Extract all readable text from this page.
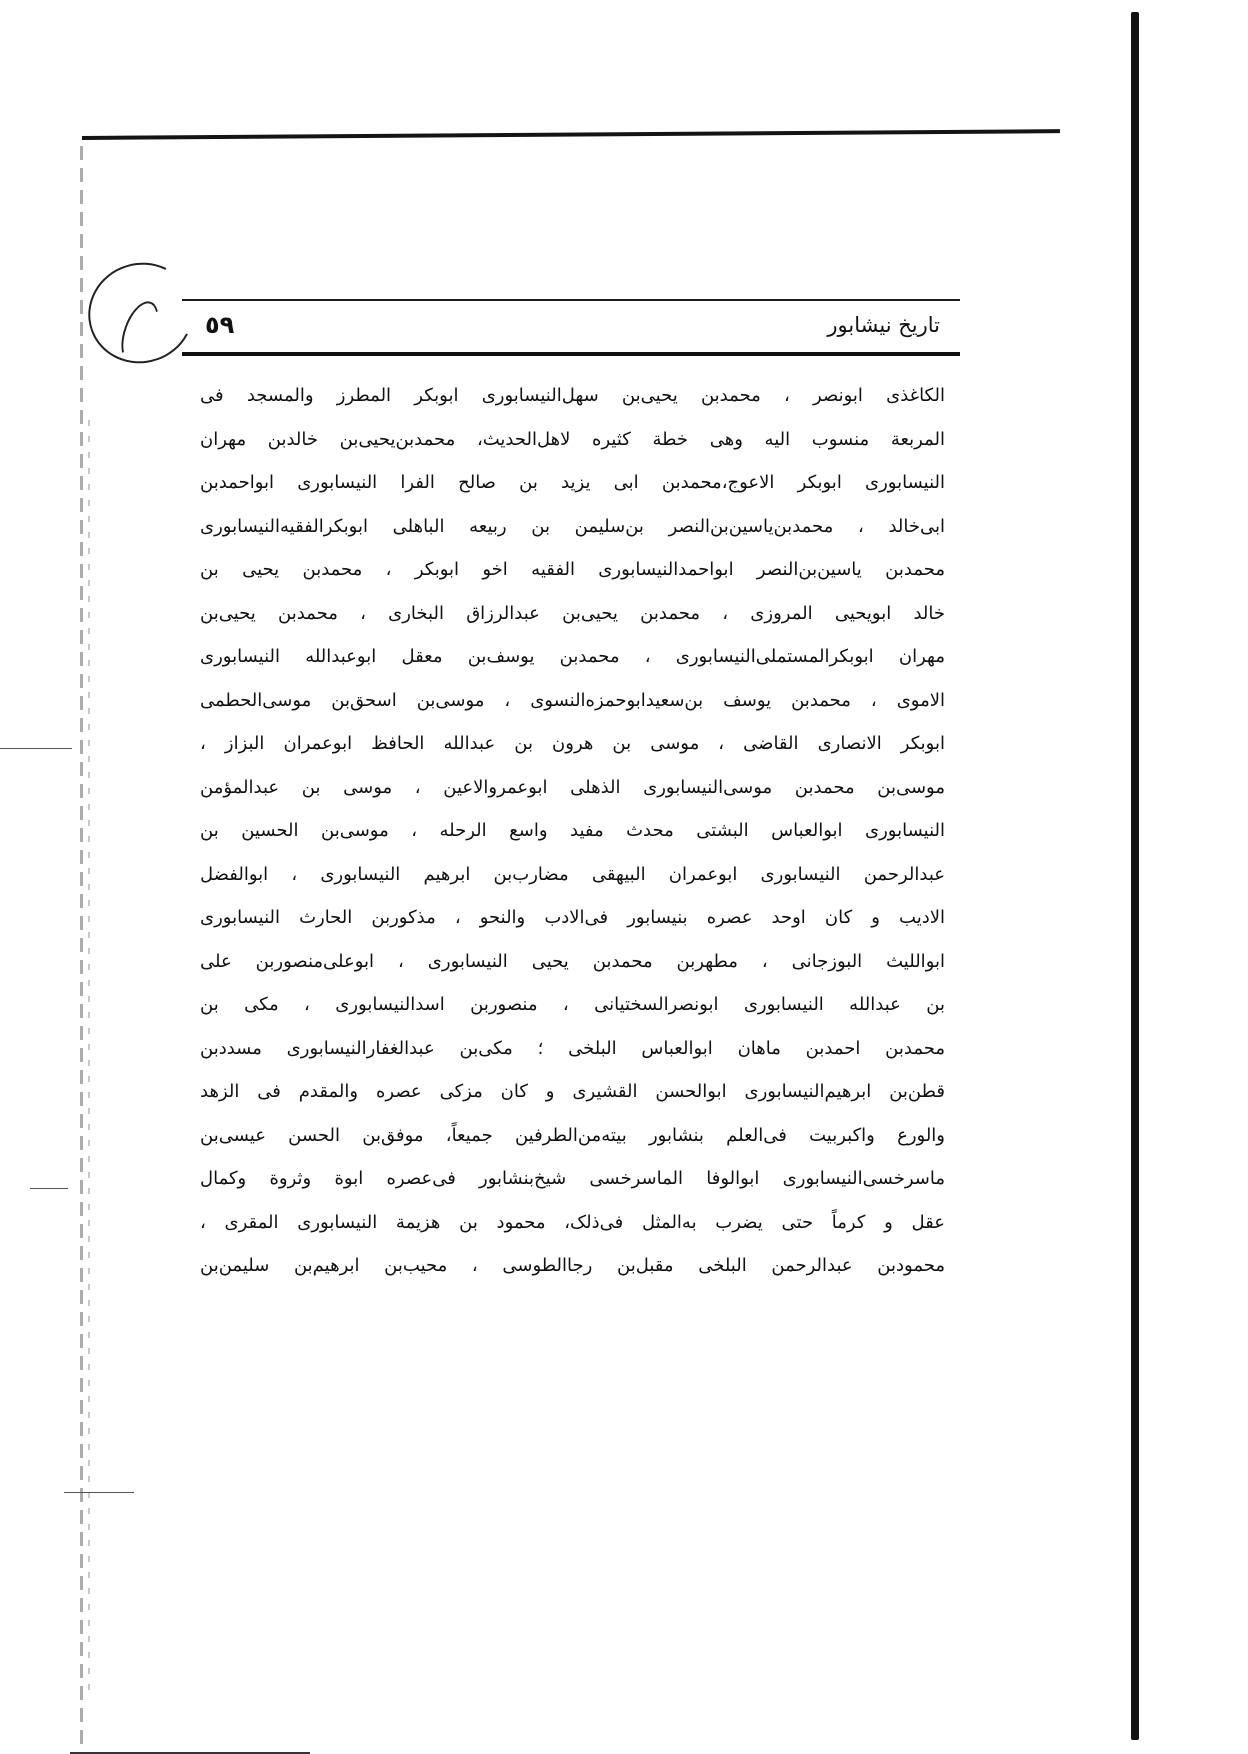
تاریخ نیشابور
٥٩
الکاغذی ابونصر ، محمدبن یحیی‌بن سهل‌النیسابوری ابوبکر المطرز والمسجد فی
المربعة منسوب الیه وهی خطة کثیره لاهل‌الحدیث، محمدبن‌یحیی‌بن خالدبن مهران
النیسابوری ابوبکر الاعوج،محمدبن ابی یزید بن صالح الفرا النیسابوری ابواحمدبن
ابی‌خالد ، محمدبن‌یاسین‌بن‌النصر بن‌سلیمن بن ربیعه الباهلی ابوبکرالفقیه‌النیسابوری
محمدبن یاسین‌بن‌النصر ابواحمدالنیسابوری الفقیه اخو ابوبکر ، محمدبن یحیی بن
خالد ابویحیی المروزی ، محمدبن یحیی‌بن عبدالرزاق البخاری ، محمدبن یحیی‌بن
مهران ابوبکرالمستملی‌النیسابوری ، محمدبن یوسف‌بن معقل ابوعبدالله النیسابوری
الاموی ، محمدبن یوسف بن‌سعیدابوحمزه‌النسوی ، موسی‌بن اسحق‌بن موسی‌الحطمی
ابوبکر الانصاری القاضی ، موسی بن هرون بن عبدالله الحافظ ابوعمران البزاز ،
موسی‌بن محمدبن موسی‌النیسابوری الذهلی ابوعمروالاعین ، موسی بن عبدالمؤمن
النیسابوری ابوالعباس البشتی محدث مفید واسع الرحله ، موسی‌بن الحسین بن
عبدالرحمن النیسابوری ابوعمران البیهقی مضارب‌بن ابرهیم النیسابوری ، ابوالفضل
الادیب و کان اوحد عصره بنیسابور فی‌الادب والنحو ، مذکوربن الحارث النیسابوری
ابواللیث البوزجانی ، مطهربن محمدبن یحیی النیسابوری ، ابوعلی‌منصوربن علی
بن عبدالله النیسابوری ابونصرالسختیانی ، منصوربن اسدالنیسابوری ، مکی بن
محمدبن احمدبن ماهان ابوالعباس البلخی ؛ مکی‌بن عبدالغفارالنیسابوری مسددبن
قطن‌بن ابرهیم‌النیسابوری ابوالحسن القشیری و کان مزکی عصره والمقدم فی الزهد
والورع واکبربیت فی‌العلم بنشابور بیته‌من‌الطرفین جمیعاً، موفق‌بن الحسن عیسی‌بن
ماسرخسی‌النیسابوری ابوالوفا الماسرخسی شیخ‌بنشابور فی‌عصره ابوة وثروة وکمال
عقل و کرماً حتی یضرب به‌المثل فی‌ذلک، محمود بن هزیمة النیسابوری المقری ،
محمودبن عبدالرحمن البلخی مقبل‌بن رجاالطوسی ، محیب‌بن ابرهیم‌بن سلیمن‌بن
